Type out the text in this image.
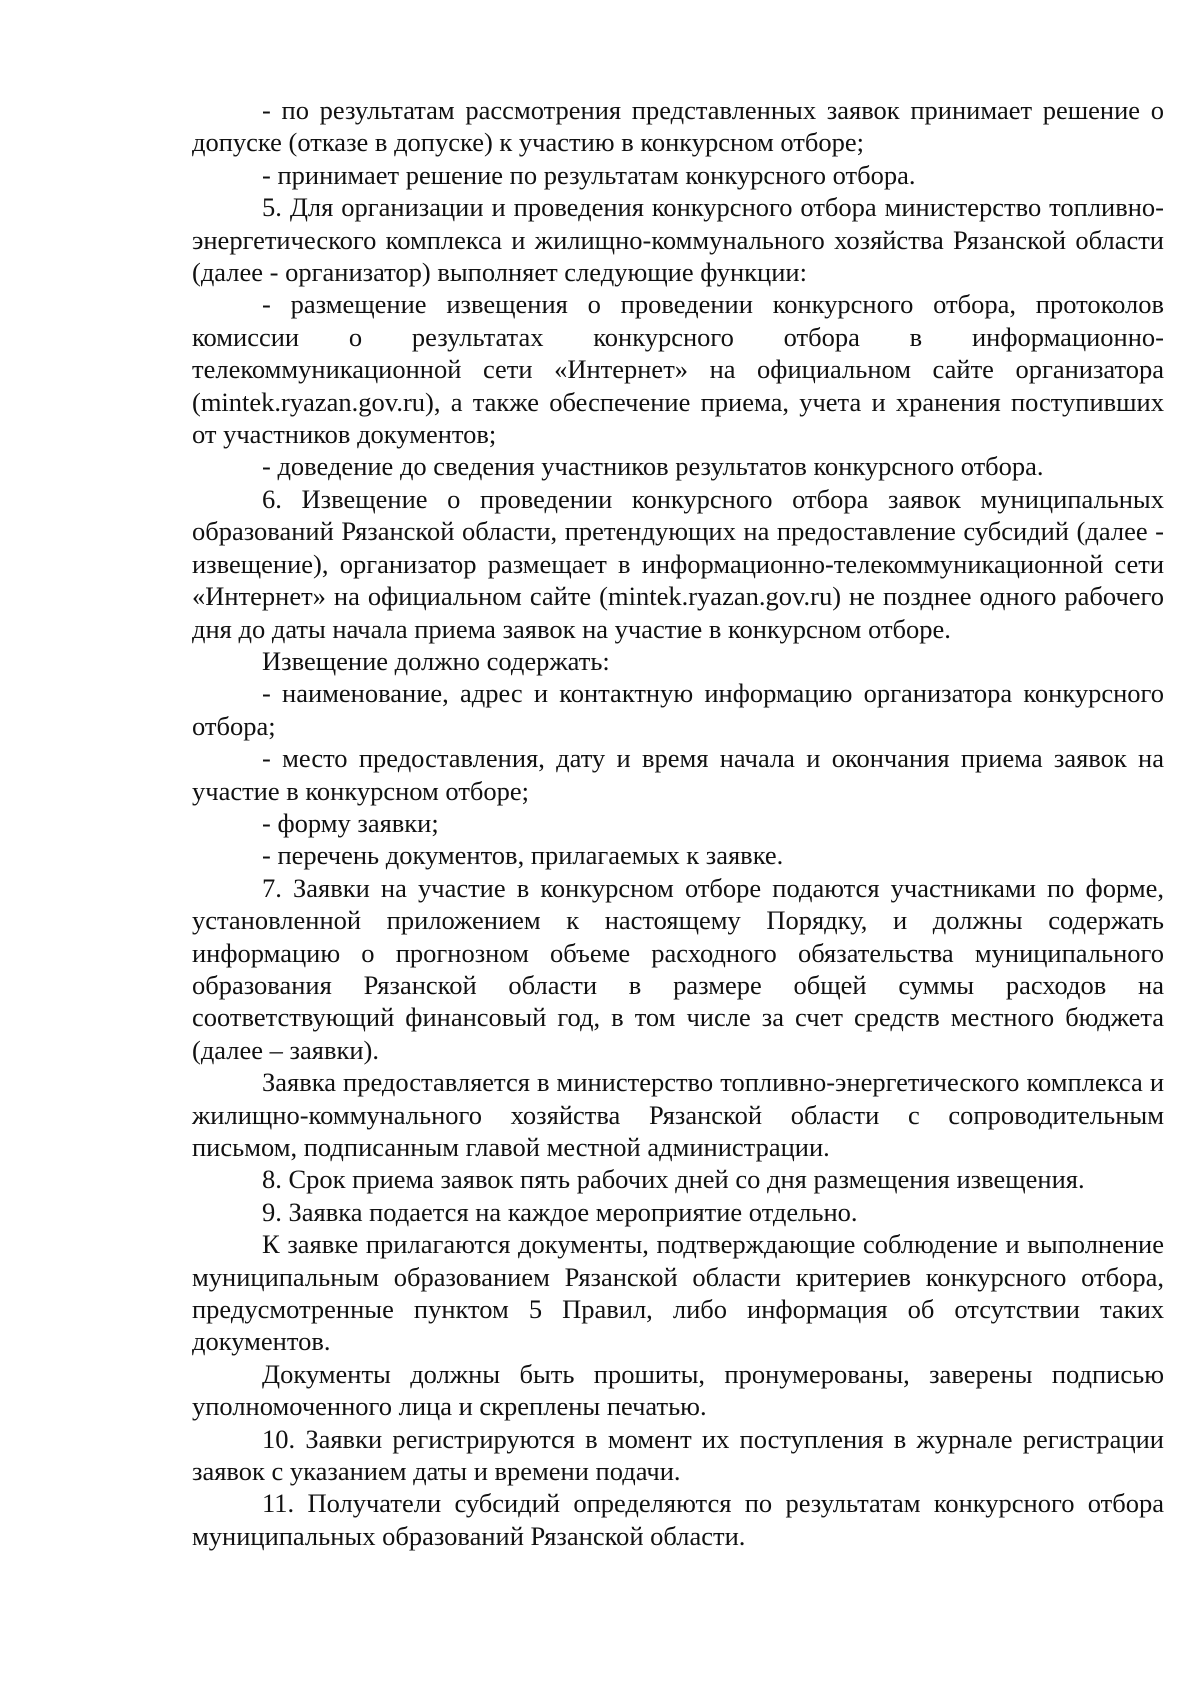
- по результатам рассмотрения представленных заявок принимает решение о допуске (отказе в допуске) к участию в конкурсном отборе;

- принимает решение по результатам конкурсного отбора.

5. Для организации и проведения конкурсного отбора министерство топливно-энергетического комплекса и жилищно-коммунального хозяйства Рязанской области (далее - организатор) выполняет следующие функции:

- размещение извещения о проведении конкурсного отбора, протоколов комиссии о результатах конкурсного отбора в информационно-телекоммуникационной сети «Интернет» на официальном сайте организатора (mintek.ryazan.gov.ru), а также обеспечение приема, учета и хранения поступивших от участников документов;

- доведение до сведения участников результатов конкурсного отбора.

6. Извещение о проведении конкурсного отбора заявок муниципальных образований Рязанской области, претендующих на предоставление субсидий (далее - извещение), организатор размещает в информационно-телекоммуникационной сети «Интернет» на официальном сайте (mintek.ryazan.gov.ru) не позднее одного рабочего дня до даты начала приема заявок на участие в конкурсном отборе.

Извещение должно содержать:

- наименование, адрес и контактную информацию организатора конкурсного отбора;

- место предоставления, дату и время начала и окончания приема заявок на участие в конкурсном отборе;

- форму заявки;

- перечень документов, прилагаемых к заявке.

7. Заявки на участие в конкурсном отборе подаются участниками по форме, установленной приложением к настоящему Порядку, и должны содержать информацию о прогнозном объеме расходного обязательства муниципального образования Рязанской области в размере общей суммы расходов на соответствующий финансовый год, в том числе за счет средств местного бюджета (далее – заявки).

Заявка предоставляется в министерство топливно-энергетического комплекса и жилищно-коммунального хозяйства Рязанской области с сопроводительным письмом, подписанным главой местной администрации.

8. Срок приема заявок пять рабочих дней со дня размещения извещения.

9. Заявка подается на каждое мероприятие отдельно.

К заявке прилагаются документы, подтверждающие соблюдение и выполнение муниципальным образованием Рязанской области критериев конкурсного отбора, предусмотренные пунктом 5 Правил, либо информация об отсутствии таких документов.

Документы должны быть прошиты, пронумерованы, заверены подписью уполномоченного лица и скреплены печатью.

10. Заявки регистрируются в момент их поступления в журнале регистрации заявок с указанием даты и времени подачи.

11. Получатели субсидий определяются по результатам конкурсного отбора муниципальных образований Рязанской области.
